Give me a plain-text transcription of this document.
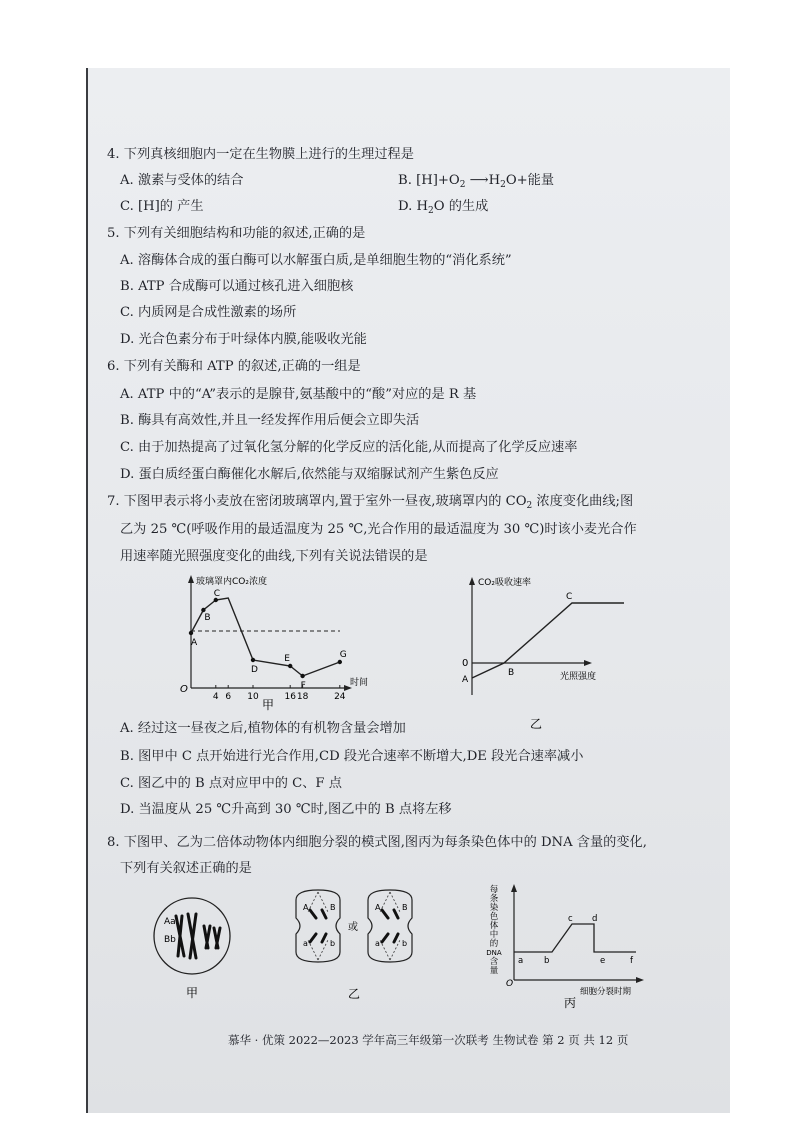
4. 下列真核细胞内一定在生物膜上进行的生理过程是
A. 激素与受体的结合	B. $[H]+O_2$ $⟶H_2O+$能量
C. [H]的 产生	D. $H_2O$ 的生成
5. 下列有关细胞结构和功能的叙述,正确的是
A. 溶酶体合成的蛋白酶可以水解蛋白质,是单细胞生物的“消化系统”
B. ATP 合成酶可以通过核孔进入细胞核
C. 内质网是合成性激素的场所
D. 光合色素分布于叶绿体内膜,能吸收光能
6. 下列有关酶和 ATP 的叙述,正确的一组是
A. ATP 中的“A”表示的是腺苷,氨基酸中的“酸”对应的是 R 基
B. 酶具有高效性,并且一经发挥作用后便会立即失活
C. 由于加热提高了过氧化氢分解的化学反应的活化能,从而提高了化学反应速率
D. 蛋白质经蛋白酶催化水解后,依然能与双缩脲试剂产生紫色反应
7. 下图甲表示将小麦放在密闭玻璃罩内,置于室外一昼夜,玻璃罩内的 $CO_2$ 浓度变化曲线;图
乙为 25 ℃(呼吸作用的最适温度为 25 ℃,光合作用的最适温度为 30 ℃)时该小麦光合作
用速率随光照强度变化的曲线,下列有关说法错误的是
玻璃罩内CO₂浓度
时间
O
A
B
C
D
E
F
G
4 6 10	16 18	24
甲
CO₂吸收速率
光照强度
0
A
B
C
乙
A. 经过这一昼夜之后,植物体的有机物含量会增加
B. 图甲中 C 点开始进行光合作用,CD 段光合速率不断增大,DE 段光合速率减小
C. 图乙中的 B 点对应甲中的 C、F 点
D. 当温度从 25 ℃升高到 30 ℃时,图乙中的 B 点将左移
8. 下图甲、乙为二倍体动物体内细胞分裂的模式图,图丙为每条染色体中的 DNA 含量的变化,
下列有关叙述正确的是
Aa
Bb
甲
A	B
a	b
A	B
a	b
或
乙
每
条
染
色
体
中
的
DNA
含
量
O
细胞分裂时期
a b
c d
e	f
丙
慕华 · 优策 2022—2023 学年高三年级第一次联考 生物试卷 第 2 页 共 12 页
